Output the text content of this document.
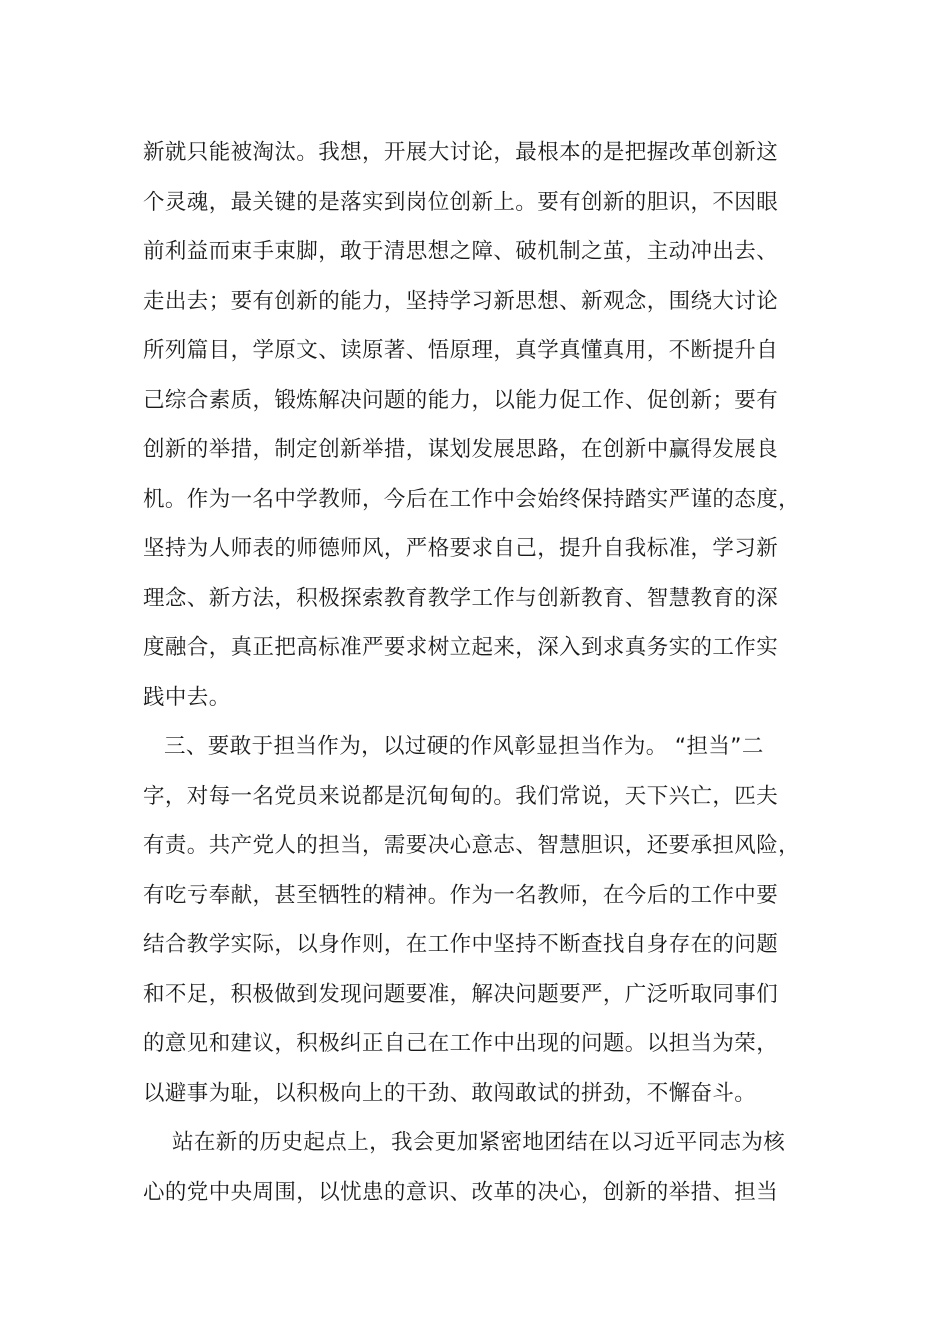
新就只能被淘汰。我想，开展大讨论，最根本的是把握改革创新这
个灵魂，最关键的是落实到岗位创新上。要有创新的胆识，不因眼
前利益而束手束脚，敢于清思想之障、破机制之茧，主动冲出去、
走出去；要有创新的能力，坚持学习新思想、新观念，围绕大讨论
所列篇目，学原文、读原著、悟原理，真学真懂真用，不断提升自
己综合素质，锻炼解决问题的能力，以能力促工作、促创新；要有
创新的举措，制定创新举措，谋划发展思路，在创新中赢得发展良
机。作为一名中学教师，今后在工作中会始终保持踏实严谨的态度，
坚持为人师表的师德师风，严格要求自己，提升自我标准，学习新
理念、新方法，积极探索教育教学工作与创新教育、智慧教育的深
度融合，真正把高标准严要求树立起来，深入到求真务实的工作实
践中去。
三、要敢于担当作为，以过硬的作风彰显担当作为。 “担当”二
字，对每一名党员来说都是沉甸甸的。我们常说，天下兴亡，匹夫
有责。共产党人的担当，需要决心意志、智慧胆识，还要承担风险，
有吃亏奉献，甚至牺牲的精神。作为一名教师，在今后的工作中要
结合教学实际，以身作则，在工作中坚持不断查找自身存在的问题
和不足，积极做到发现问题要准，解决问题要严，广泛听取同事们
的意见和建议，积极纠正自己在工作中出现的问题。以担当为荣，
以避事为耻，以积极向上的干劲、敢闯敢试的拼劲，不懈奋斗。
站在新的历史起点上，我会更加紧密地团结在以习近平同志为核
心的党中央周围，以忧患的意识、改革的决心，创新的举措、担当
